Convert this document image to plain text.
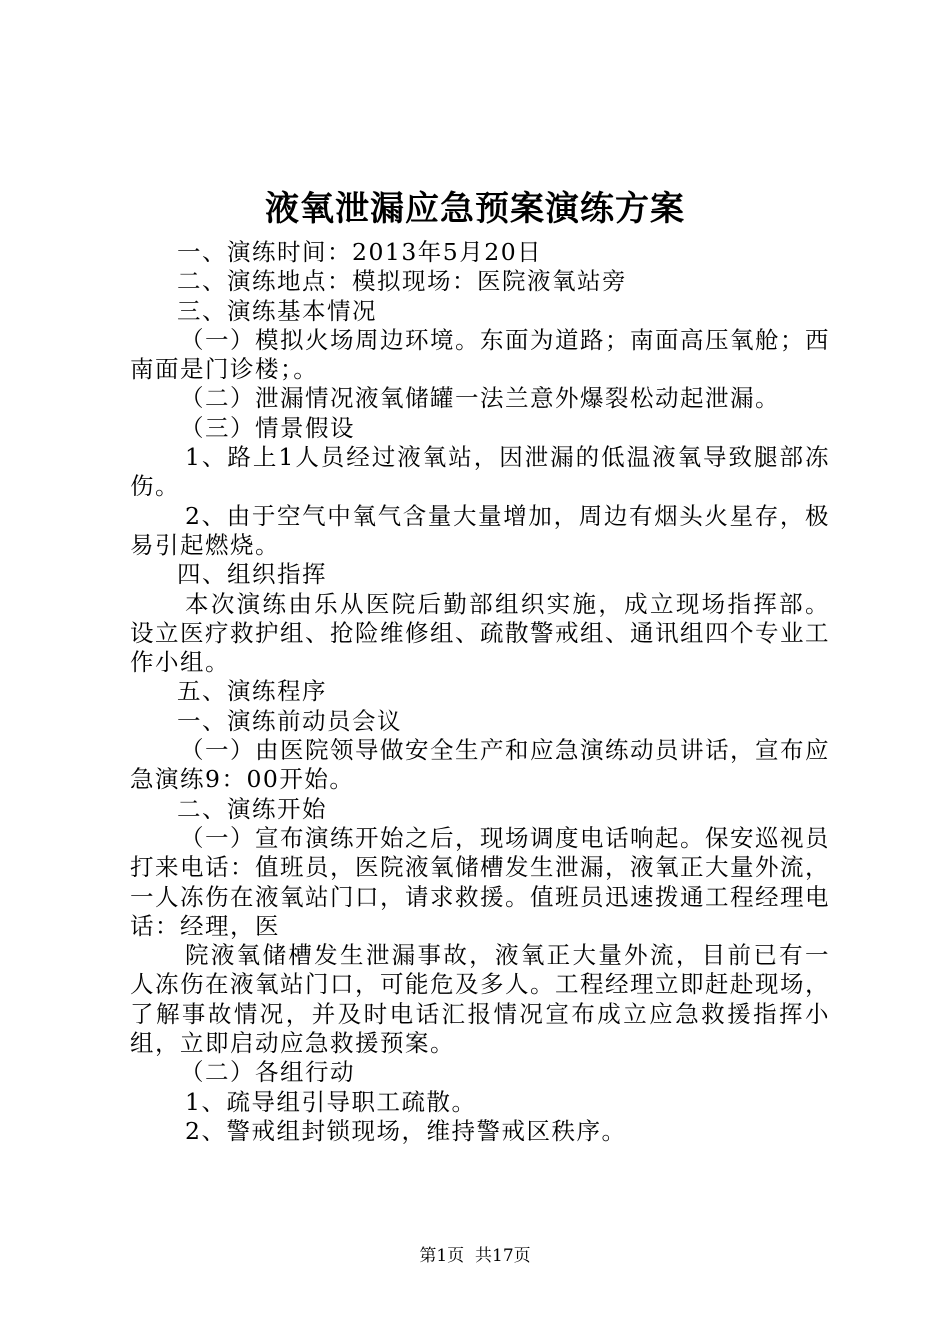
液氧泄漏应急预案演练方案

一、演练时间：2013年5月20日

二、演练地点：模拟现场：医院液氧站旁

三、演练基本情况

（一）模拟火场周边环境。东面为道路；南面高压氧舱；西南面是门诊楼；。

（二）泄漏情况液氧储罐一法兰意外爆裂松动起泄漏。

（三）情景假设

1、路上1人员经过液氧站，因泄漏的低温液氧导致腿部冻伤。

2、由于空气中氧气含量大量增加，周边有烟头火星存，极易引起燃烧。

四、组织指挥

本次演练由乐从医院后勤部组织实施，成立现场指挥部。设立医疗救护组、抢险维修组、疏散警戒组、通讯组四个专业工作小组。

五、演练程序

一、演练前动员会议

（一）由医院领导做安全生产和应急演练动员讲话，宣布应急演练9：00开始。

二、演练开始

（一）宣布演练开始之后，现场调度电话响起。保安巡视员打来电话：值班员，医院液氧储槽发生泄漏，液氧正大量外流，一人冻伤在液氧站门口，请求救援。值班员迅速拨通工程经理电话：经理，医

院液氧储槽发生泄漏事故，液氧正大量外流，目前已有一人冻伤在液氧站门口，可能危及多人。工程经理立即赶赴现场，了解事故情况，并及时电话汇报情况宣布成立应急救援指挥小组，立即启动应急救援预案。

（二）各组行动

1、疏导组引导职工疏散。

2、警戒组封锁现场，维持警戒区秩序。

第1页 共17页
